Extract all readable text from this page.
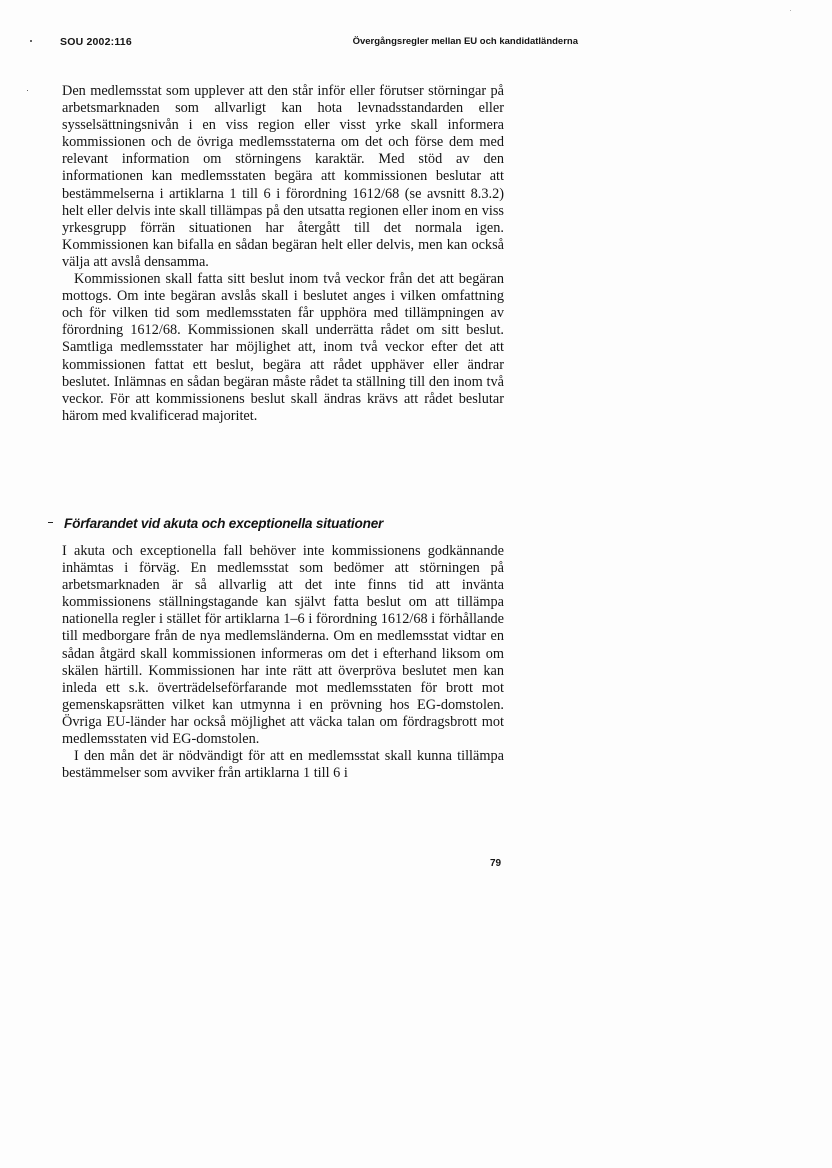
SOU 2002:116	Övergångsregler mellan EU och kandidatländerna

Den medlemsstat som upplever att den står inför eller förutser störningar på arbetsmarknaden som allvarligt kan hota levnadsstandarden eller sysselsättningsnivån i en viss region eller visst yrke skall informera kommissionen och de övriga medlemsstaterna om det och förse dem med relevant information om störningens karaktär. Med stöd av den informationen kan medlemsstaten begära att kommissionen beslutar att bestämmelserna i artiklarna 1 till 6 i förordning 1612/68 (se avsnitt 8.3.2) helt eller delvis inte skall tillämpas på den utsatta regionen eller inom en viss yrkesgrupp förrän situationen har återgått till det normala igen. Kommissionen kan bifalla en sådan begäran helt eller delvis, men kan också välja att avslå densamma.

Kommissionen skall fatta sitt beslut inom två veckor från det att begäran mottogs. Om inte begäran avslås skall i beslutet anges i vilken omfattning och för vilken tid som medlemsstaten får upphöra med tillämpningen av förordning 1612/68. Kommissionen skall underrätta rådet om sitt beslut. Samtliga medlemsstater har möjlighet att, inom två veckor efter det att kommissionen fattat ett beslut, begära att rådet upphäver eller ändrar beslutet. Inlämnas en sådan begäran måste rådet ta ställning till den inom två veckor. För att kommissionens beslut skall ändras krävs att rådet beslutar härom med kvalificerad majoritet.

Förfarandet vid akuta och exceptionella situationer

I akuta och exceptionella fall behöver inte kommissionens godkännande inhämtas i förväg. En medlemsstat som bedömer att störningen på arbetsmarknaden är så allvarlig att det inte finns tid att invänta kommissionens ställningstagande kan självt fatta beslut om att tillämpa nationella regler i stället för artiklarna 1–6 i förordning 1612/68 i förhållande till medborgare från de nya medlemsländerna. Om en medlemsstat vidtar en sådan åtgärd skall kommissionen informeras om det i efterhand liksom om skälen härtill. Kommissionen har inte rätt att överpröva beslutet men kan inleda ett s.k. överträdelseförfarande mot medlemsstaten för brott mot gemenskapsrätten vilket kan utmynna i en prövning hos EG-domstolen. Övriga EU-länder har också möjlighet att väcka talan om fördragsbrott mot medlemsstaten vid EG-domstolen.

I den mån det är nödvändigt för att en medlemsstat skall kunna tillämpa bestämmelser som avviker från artiklarna 1 till 6 i

79
